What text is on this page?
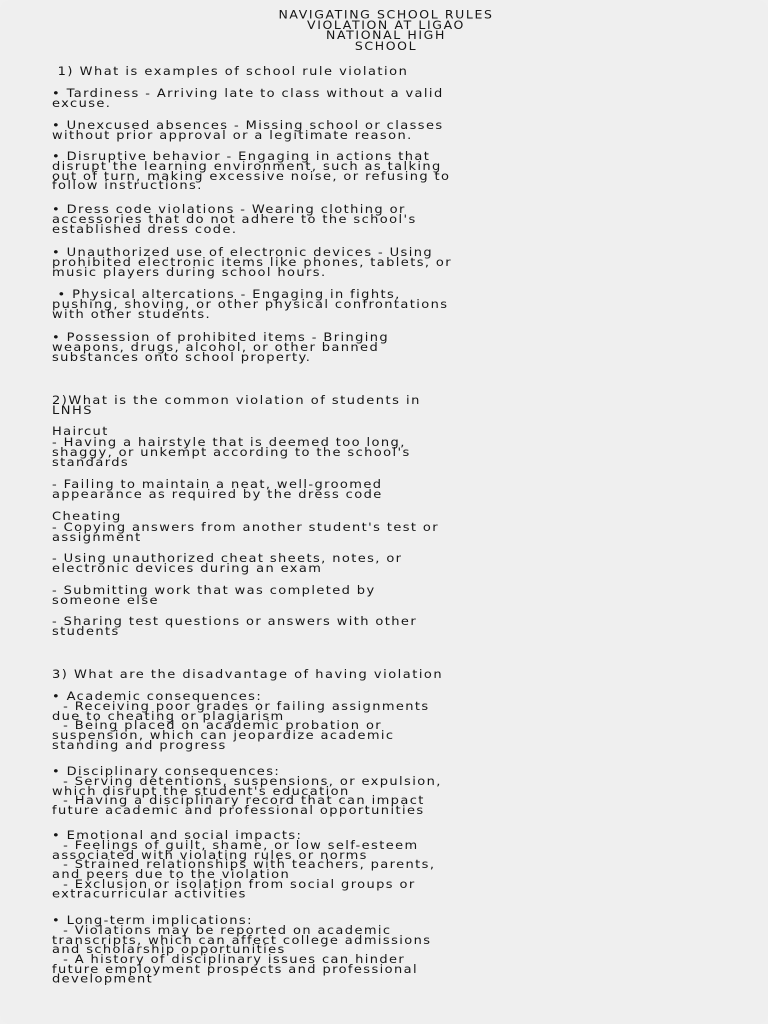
NAVIGATING SCHOOL RULES
VIOLATION AT LIGAO
NATIONAL HIGH
SCHOOL
1) What is examples of school rule violation
• Tardiness - Arriving late to class without a valid
excuse.
• Unexcused absences - Missing school or classes
without prior approval or a legitimate reason.
• Disruptive behavior - Engaging in actions that
disrupt the learning environment, such as talking
out of turn, making excessive noise, or refusing to
follow instructions.
• Dress code violations - Wearing clothing or
accessories that do not adhere to the school's
established dress code.
• Unauthorized use of electronic devices - Using
prohibited electronic items like phones, tablets, or
music players during school hours.
• Physical altercations - Engaging in fights,
pushing, shoving, or other physical confrontations
with other students.
• Possession of prohibited items - Bringing
weapons, drugs, alcohol, or other banned
substances onto school property.
2)What is the common violation of students in
LNHS
Haircut
- Having a hairstyle that is deemed too long,
shaggy, or unkempt according to the school's
standards
- Failing to maintain a neat, well-groomed
appearance as required by the dress code
Cheating
- Copying answers from another student's test or
assignment
- Using unauthorized cheat sheets, notes, or
electronic devices during an exam
- Submitting work that was completed by
someone else
- Sharing test questions or answers with other
students
3) What are the disadvantage of having violation
• Academic consequences:
- Receiving poor grades or failing assignments
due to cheating or plagiarism
- Being placed on academic probation or
suspension, which can jeopardize academic
standing and progress
• Disciplinary consequences:
- Serving detentions, suspensions, or expulsion,
which disrupt the student's education
- Having a disciplinary record that can impact
future academic and professional opportunities
• Emotional and social impacts:
- Feelings of guilt, shame, or low self-esteem
associated with violating rules or norms
- Strained relationships with teachers, parents,
and peers due to the violation
- Exclusion or isolation from social groups or
extracurricular activities
• Long-term implications:
- Violations may be reported on academic
transcripts, which can affect college admissions
and scholarship opportunities
- A history of disciplinary issues can hinder
future employment prospects and professional
development
